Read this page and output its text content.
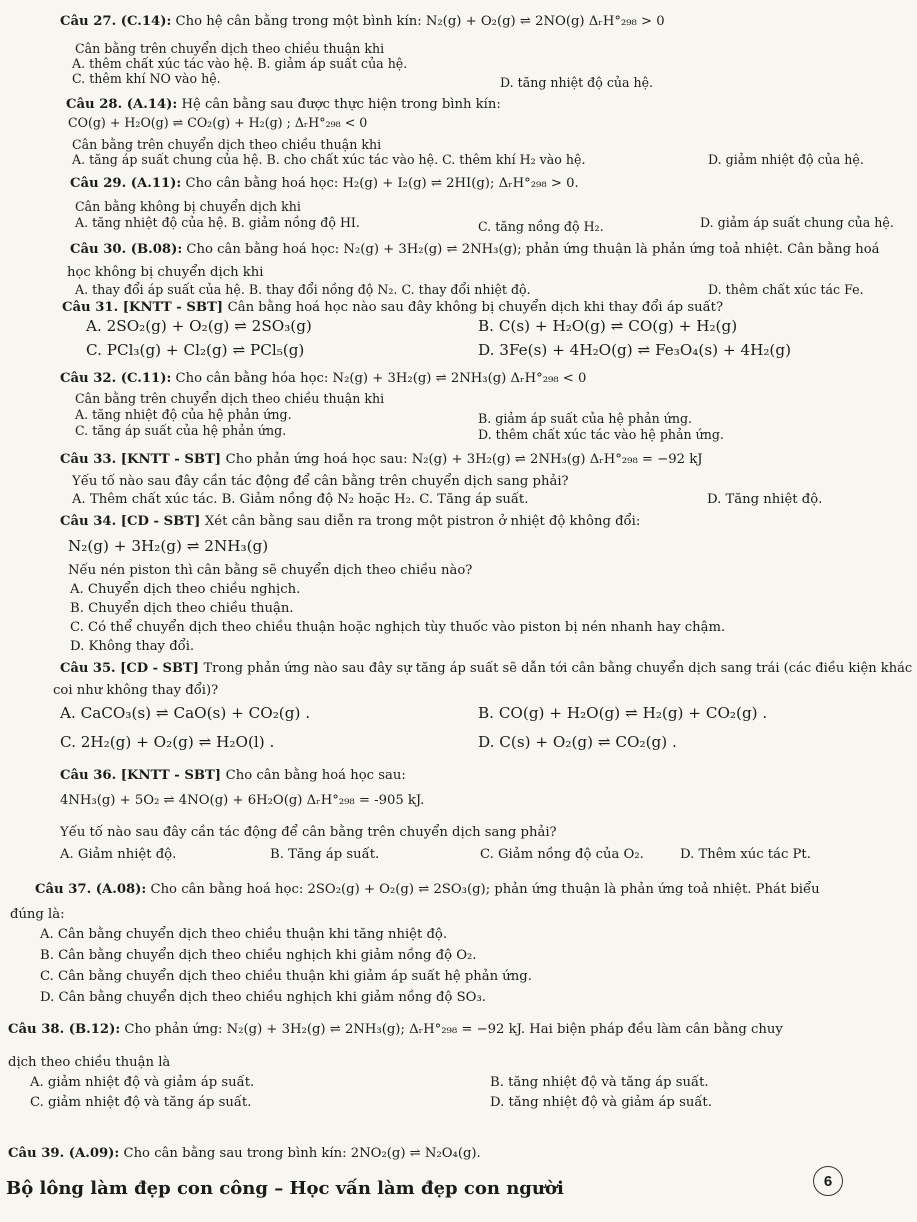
Câu 27. (C.14): Cho hệ cân bằng trong một bình kín: N₂(g) + O₂(g) ⇌ 2NO(g) ΔᵣH°₂₉₈ > 0
Cân bằng trên chuyển dịch theo chiều thuận khi
A. thêm chất xúc tác vào hệ. B. giảm áp suất của hệ.
C. thêm khí NO vào hệ.	D. tăng nhiệt độ của hệ.
Câu 28. (A.14): Hệ cân bằng sau được thực hiện trong bình kín:
CO(g) + H₂O(g) ⇌ CO₂(g) + H₂(g) ; ΔᵣH°₂₉₈ < 0
Cân bằng trên chuyển dịch theo chiều thuận khi
A. tăng áp suất chung của hệ. B. cho chất xúc tác vào hệ. C. thêm khí H₂ vào hệ.	D. giảm nhiệt độ của hệ.
Câu 29. (A.11): Cho cân bằng hoá học: H₂(g) + I₂(g) ⇌ 2HI(g); ΔᵣH°₂₉₈ > 0.
Cân bằng không bị chuyển dịch khi
A. tăng nhiệt độ của hệ. B. giảm nồng độ HI.	C. tăng nồng độ H₂.	D. giảm áp suất chung của hệ.
Câu 30. (B.08): Cho cân bằng hoá học: N₂(g) + 3H₂(g) ⇌ 2NH₃(g); phản ứng thuận là phản ứng toả nhiệt. Cân bằng hoá
học không bị chuyển dịch khi
A. thay đổi áp suất của hệ. B. thay đổi nồng độ N₂. C. thay đổi nhiệt độ.	D. thêm chất xúc tác Fe.
Câu 31. [KNTT - SBT] Cân bằng hoá học nào sau đây không bị chuyển dịch khi thay đổi áp suất?
A. 2SO₂(g) + O₂(g) ⇌ 2SO₃(g)	B. C(s) + H₂O(g) ⇌ CO(g) + H₂(g)
C. PCl₃(g) + Cl₂(g) ⇌ PCl₅(g)	D. 3Fe(s) + 4H₂O(g) ⇌ Fe₃O₄(s) + 4H₂(g)
Câu 32. (C.11): Cho cân bằng hóa học: N₂(g) + 3H₂(g) ⇌ 2NH₃(g) ΔᵣH°₂₉₈ < 0
Cân bằng trên chuyển dịch theo chiều thuận khi
A. tăng nhiệt độ của hệ phản ứng.	B. giảm áp suất của hệ phản ứng.
C. tăng áp suất của hệ phản ứng.	D. thêm chất xúc tác vào hệ phản ứng.
Câu 33. [KNTT - SBT] Cho phản ứng hoá học sau: N₂(g) + 3H₂(g) ⇌ 2NH₃(g) ΔᵣH°₂₉₈ = −92 kJ
Yếu tố nào sau đây cần tác động để cân bằng trên chuyển dịch sang phải?
A. Thêm chất xúc tác. B. Giảm nồng độ N₂ hoặc H₂. C. Tăng áp suất.	D. Tăng nhiệt độ.
Câu 34. [CD - SBT] Xét cân bằng sau diễn ra trong một pistron ở nhiệt độ không đổi:
N₂(g) + 3H₂(g) ⇌ 2NH₃(g)
Nếu nén piston thì cân bằng sẽ chuyển dịch theo chiều nào?
A. Chuyển dịch theo chiều nghịch.
B. Chuyển dịch theo chiều thuận.
C. Có thể chuyển dịch theo chiều thuận hoặc nghịch tùy thuốc vào piston bị nén nhanh hay chậm.
D. Không thay đổi.
Câu 35. [CD - SBT] Trong phản ứng nào sau đây sự tăng áp suất sẽ dẫn tới cân bằng chuyển dịch sang trái (các điều kiện khác
coi như không thay đổi)?
A. CaCO₃(s) ⇌ CaO(s) + CO₂(g) .	B. CO(g) + H₂O(g) ⇌ H₂(g) + CO₂(g) .
C. 2H₂(g) + O₂(g) ⇌ H₂O(l) .	D. C(s) + O₂(g) ⇌ CO₂(g) .
Câu 36. [KNTT - SBT] Cho cân bằng hoá học sau:
4NH₃(g) + 5O₂ ⇌ 4NO(g) + 6H₂O(g) ΔᵣH°₂₉₈ = -905 kJ.
Yếu tố nào sau đây cần tác động để cân bằng trên chuyển dịch sang phải?
A. Giảm nhiệt độ.	B. Tăng áp suất.	C. Giảm nồng độ của O₂.	D. Thêm xúc tác Pt.
Câu 37. (A.08): Cho cân bằng hoá học: 2SO₂(g) + O₂(g) ⇌ 2SO₃(g); phản ứng thuận là phản ứng toả nhiệt. Phát biểu
đúng là:
A. Cân bằng chuyển dịch theo chiều thuận khi tăng nhiệt độ.
B. Cân bằng chuyển dịch theo chiều nghịch khi giảm nồng độ O₂.
C. Cân bằng chuyển dịch theo chiều thuận khi giảm áp suất hệ phản ứng.
D. Cân bằng chuyển dịch theo chiều nghịch khi giảm nồng độ SO₃.
Câu 38. (B.12): Cho phản ứng: N₂(g) + 3H₂(g) ⇌ 2NH₃(g); ΔᵣH°₂₉₈ = −92 kJ. Hai biện pháp đều làm cân bằng chuy
dịch theo chiều thuận là
A. giảm nhiệt độ và giảm áp suất.	B. tăng nhiệt độ và tăng áp suất.
C. giảm nhiệt độ và tăng áp suất.	D. tăng nhiệt độ và giảm áp suất.
Câu 39. (A.09): Cho cân bằng sau trong bình kín: 2NO₂(g) ⇌ N₂O₄(g).
Bộ lông làm đẹp con công – Học vấn làm đẹp con người	6
